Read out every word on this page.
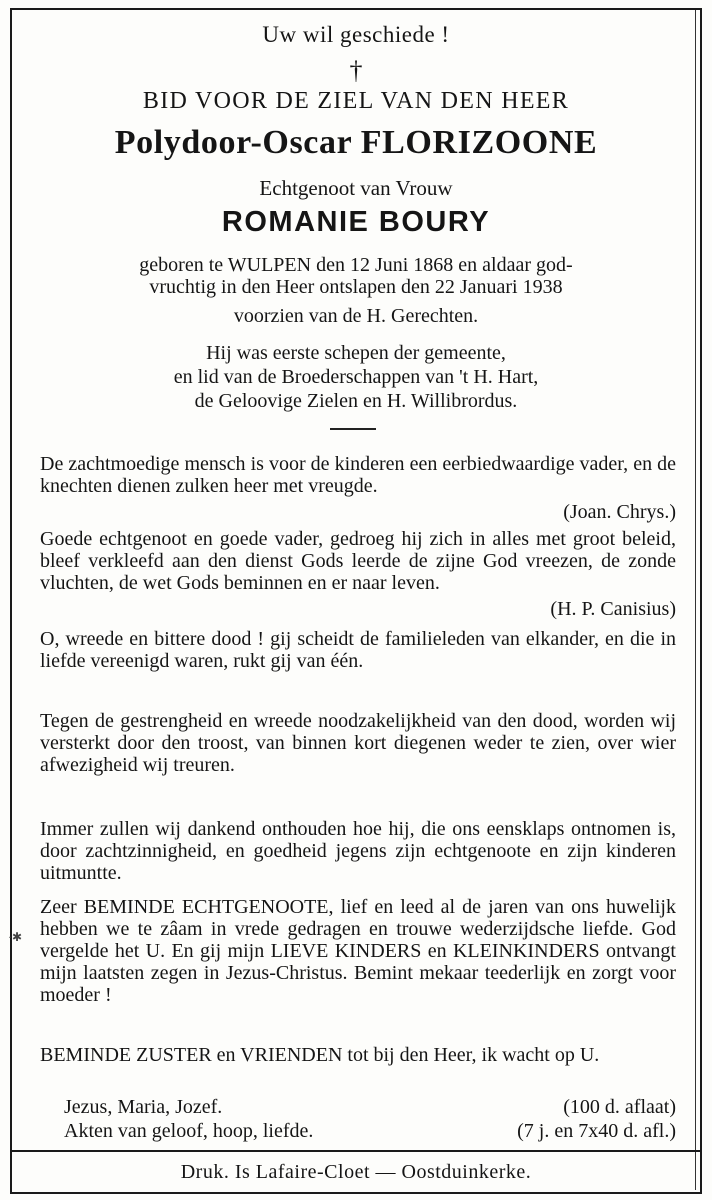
Uw wil geschiede !
†
BID VOOR DE ZIEL VAN DEN HEER
Polydoor-Oscar FLORIZOONE
Echtgenoot van Vrouw
ROMANIE BOURY
geboren te WULPEN den 12 Juni 1868 en aldaar god-
vruchtig in den Heer ontslapen den 22 Januari 1938
voorzien van de H. Gerechten.
Hij was eerste schepen der gemeente,
en lid van de Broederschappen van 't H. Hart,
de Geloovige Zielen en H. Willibrordus.
De zachtmoedige mensch is voor de kinderen een eerbiedwaardige vader, en de knechten dienen zulken heer met vreugde.
(Joan. Chrys.)
Goede echtgenoot en goede vader, gedroeg hij zich in alles met groot beleid, bleef verkleefd aan den dienst Gods leerde de zijne God vreezen, de zonde vluchten, de wet Gods beminnen en er naar leven.
(H. P. Canisius)
O, wreede en bittere dood ! gij scheidt de familieleden van elkander, en die in liefde vereenigd waren, rukt gij van één.
Tegen de gestrengheid en wreede noodzakelijkheid van den dood, worden wij versterkt door den troost, van binnen kort diegenen weder te zien, over wier afwezigheid wij treuren.
Immer zullen wij dankend onthouden hoe hij, die ons eensklaps ontnomen is, door zachtzinnigheid, en goedheid jegens zijn echtgenoote en zijn kinderen uitmuntte.
Zeer BEMINDE ECHTGENOOTE, lief en leed al de jaren van ons huwelijk hebben we te zâam in vrede gedragen en trouwe wederzijdsche liefde. God vergelde het U. En gij mijn LIEVE KINDERS en KLEINKINDERS ontvangt mijn laatsten zegen in Jezus-Christus. Bemint mekaar teederlijk en zorgt voor moeder !
BEMINDE ZUSTER en VRIENDEN tot bij den Heer, ik wacht op U.
Jezus, Maria, Jozef.	(100 d. aflaat)
Akten van geloof, hoop, liefde.	(7 j. en 7x40 d. afl.)
Druk. Is Lafaire-Cloet — Oostduinkerke.
·✱
